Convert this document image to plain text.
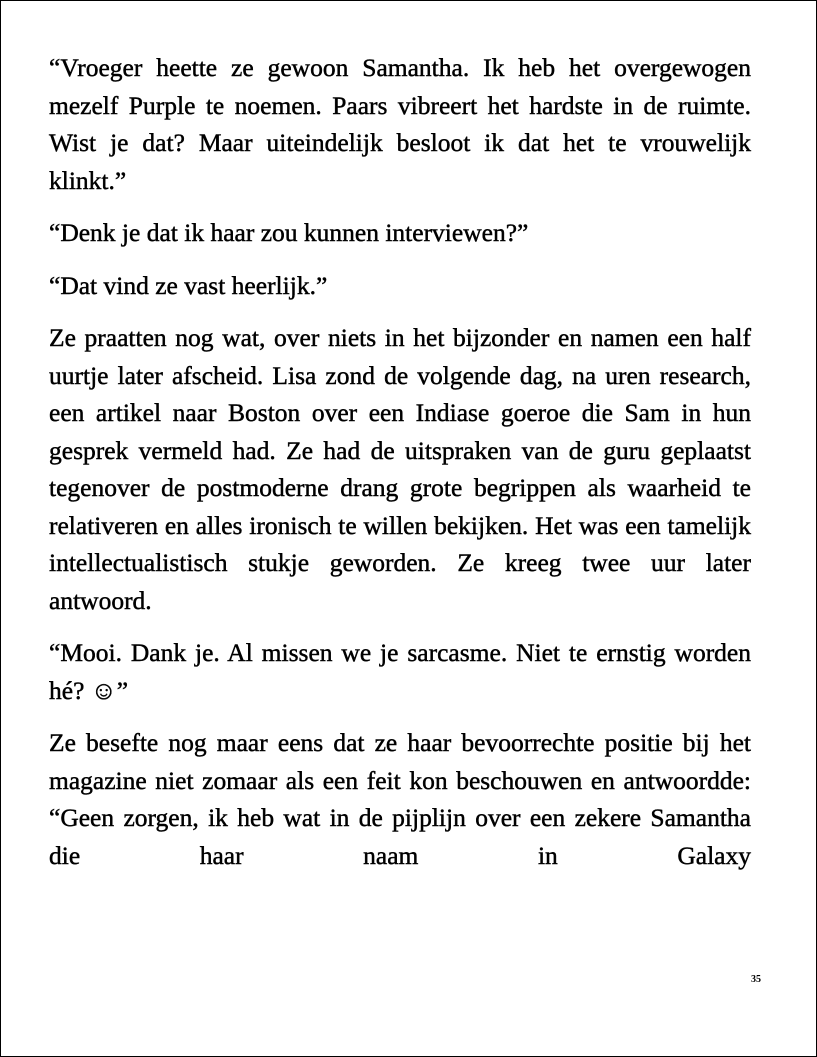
“Vroeger heette ze gewoon Samantha. Ik heb het overgewogen mezelf Purple te noemen. Paars vibreert het hardste in de ruimte. Wist je dat? Maar uiteindelijk besloot ik dat het te vrouwelijk klinkt.”

“Denk je dat ik haar zou kunnen interviewen?”

“Dat vind ze vast heerlijk.”

Ze praatten nog wat, over niets in het bijzonder en namen een half uurtje later afscheid. Lisa zond de volgende dag, na uren research, een artikel naar Boston over een Indiase goeroe die Sam in hun gesprek vermeld had. Ze had de uitspraken van de guru geplaatst tegenover de postmoderne drang grote begrippen als waarheid te relativeren en alles ironisch te willen bekijken. Het was een tamelijk intellectualistisch stukje geworden. Ze kreeg twee uur later antwoord.

“Mooi. Dank je. Al missen we je sarcasme. Niet te ernstig worden hé? ☺”

Ze besefte nog maar eens dat ze haar bevoorrechte positie bij het magazine niet zomaar als een feit kon beschouwen en antwoordde: “Geen zorgen, ik heb wat in de pijplijn over een zekere Samantha die haar naam in Galaxy

35
